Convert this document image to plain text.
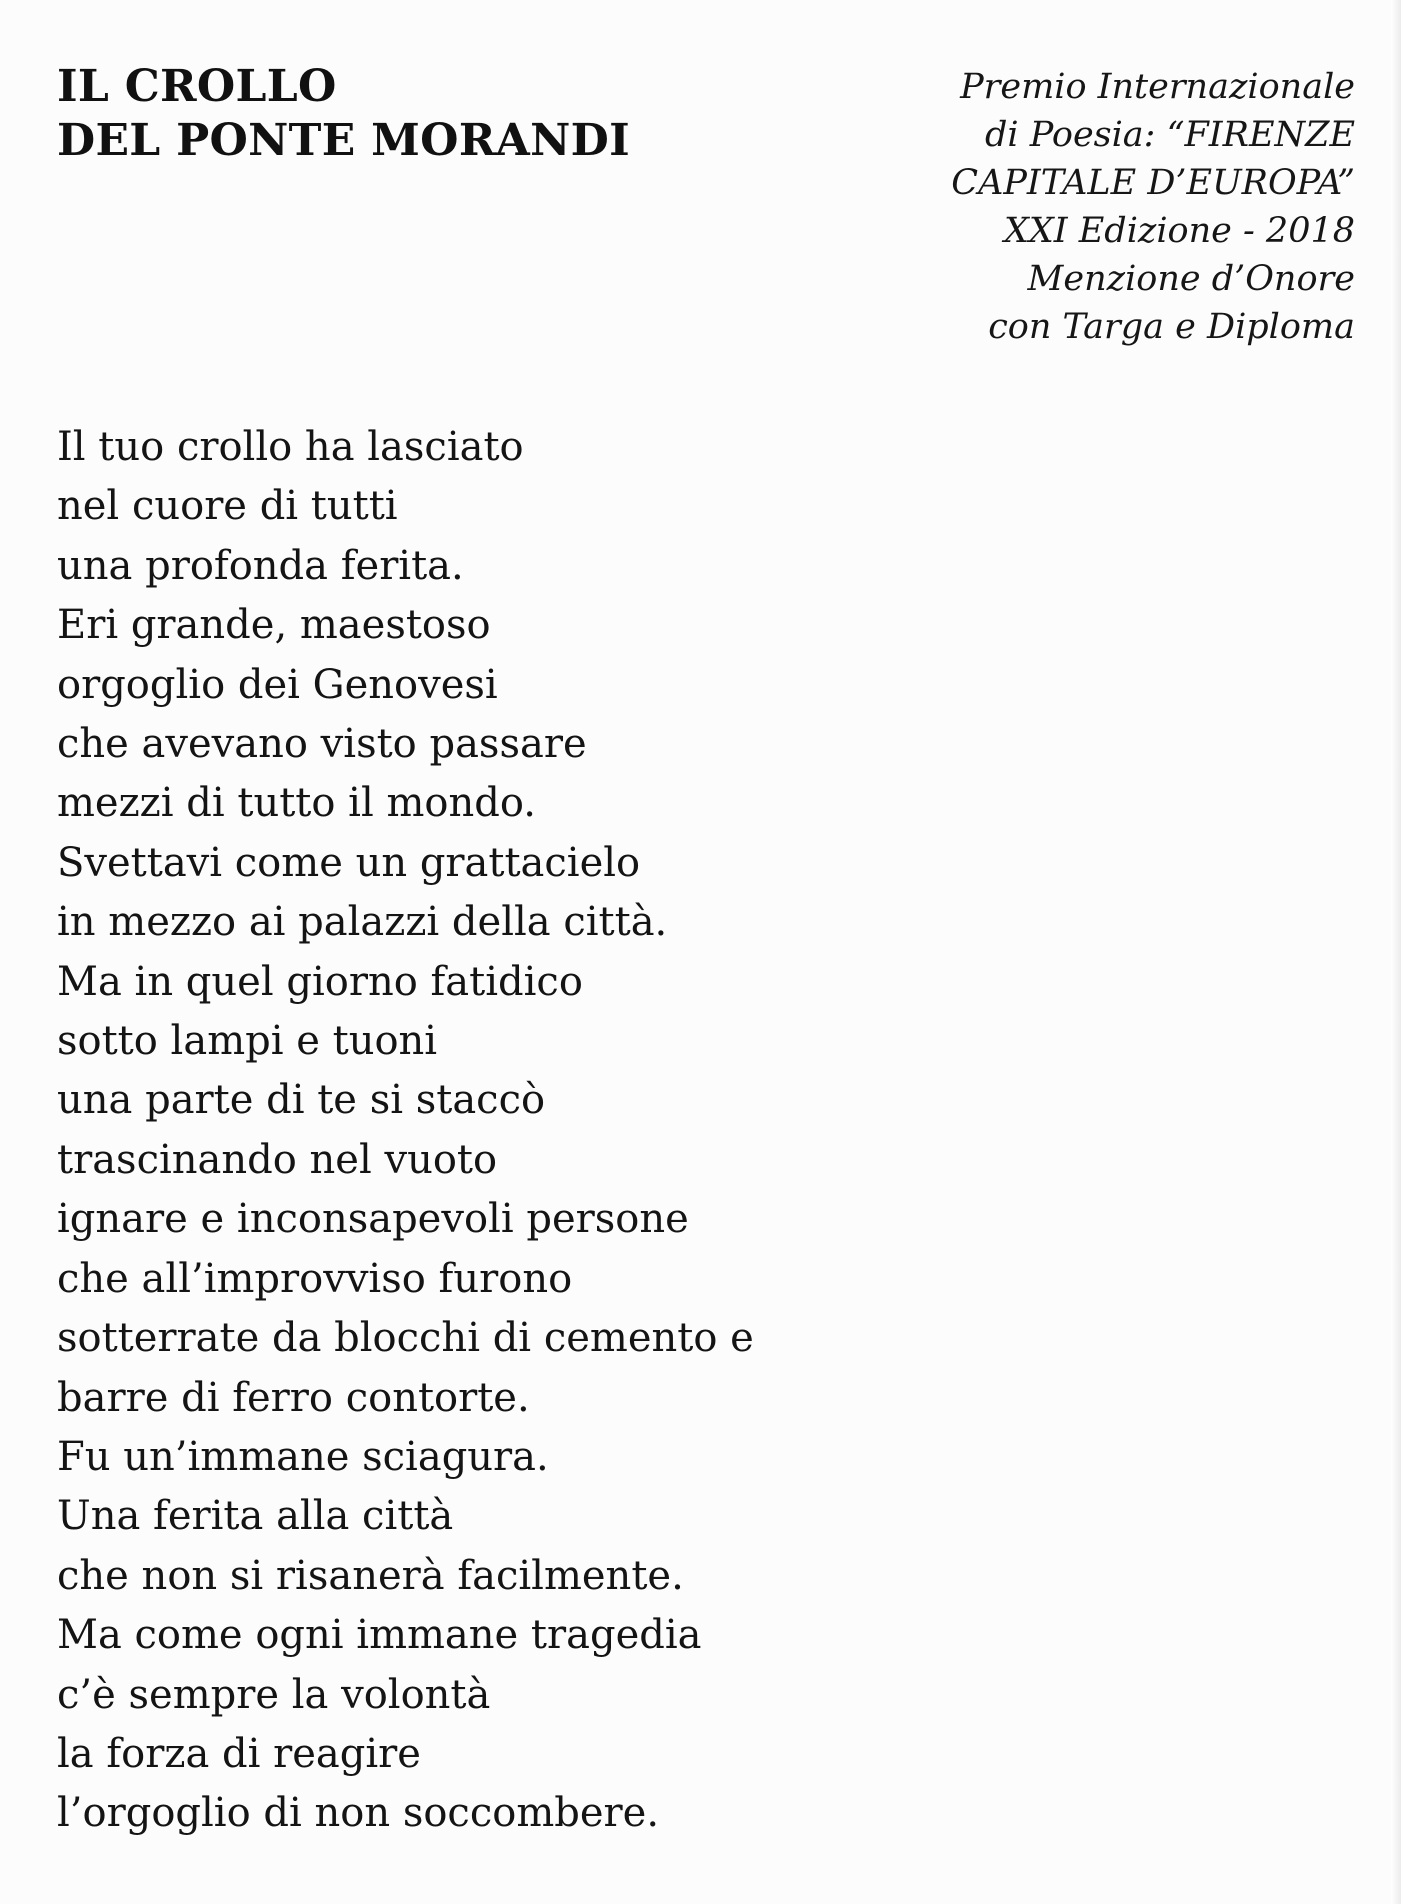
IL CROLLO
DEL PONTE MORANDI
Premio Internazionale
di Poesia: “FIRENZE
CAPITALE D’EUROPA”
XXI Edizione - 2018
Menzione d’Onore
con Targa e Diploma
Il tuo crollo ha lasciato
nel cuore di tutti
una profonda ferita.
Eri grande, maestoso
orgoglio dei Genovesi
che avevano visto passare
mezzi di tutto il mondo.
Svettavi come un grattacielo
in mezzo ai palazzi della città.
Ma in quel giorno fatidico
sotto lampi e tuoni
una parte di te si staccò
trascinando nel vuoto
ignare e inconsapevoli persone
che all’improvviso furono
sotterrate da blocchi di cemento e
barre di ferro contorte.
Fu un’immane sciagura.
Una ferita alla città
che non si risanerà facilmente.
Ma come ogni immane tragedia
c’è sempre la volontà
la forza di reagire
l’orgoglio di non soccombere.
